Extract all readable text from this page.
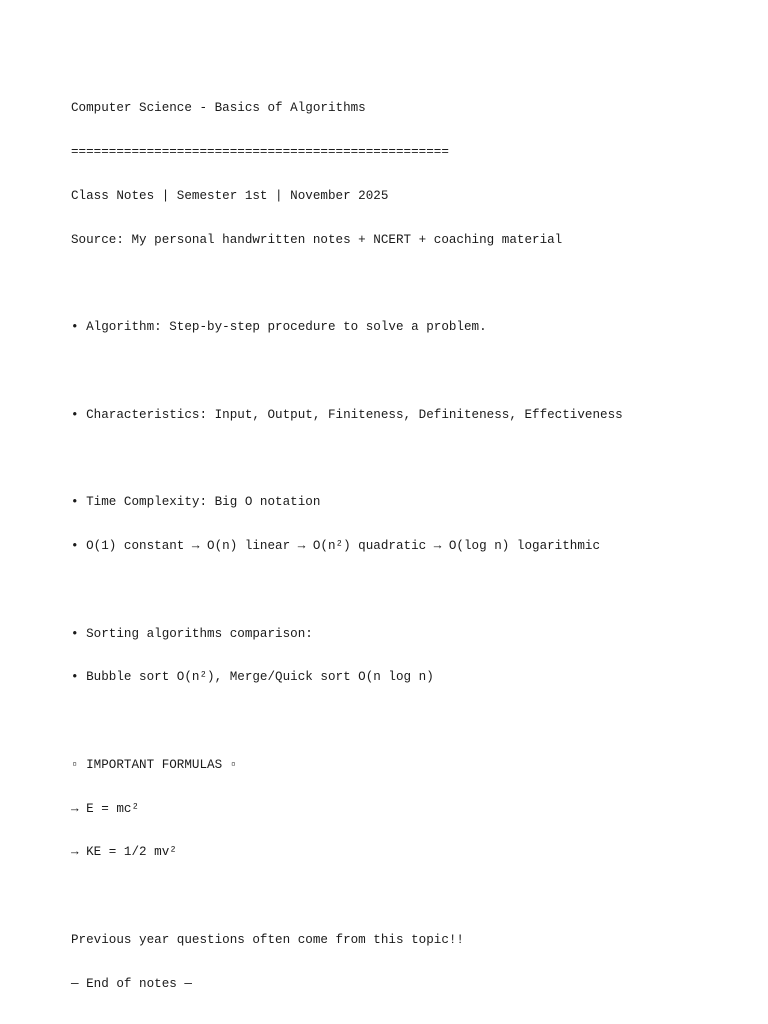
Computer Science - Basics of Algorithms

==================================================

Class Notes | Semester 1st | November 2025

Source: My personal handwritten notes + NCERT + coaching material

• Algorithm: Step-by-step procedure to solve a problem.

• Characteristics: Input, Output, Finiteness, Definiteness, Effectiveness

• Time Complexity: Big O notation

• O(1) constant → O(n) linear → O(n²) quadratic → O(log n) logarithmic

• Sorting algorithms comparison:

• Bubble sort O(n²), Merge/Quick sort O(n log n)

▫ IMPORTANT FORMULAS ▫

→ E = mc²

→ KE = 1/2 mv²

Previous year questions often come from this topic!!

— End of notes —
